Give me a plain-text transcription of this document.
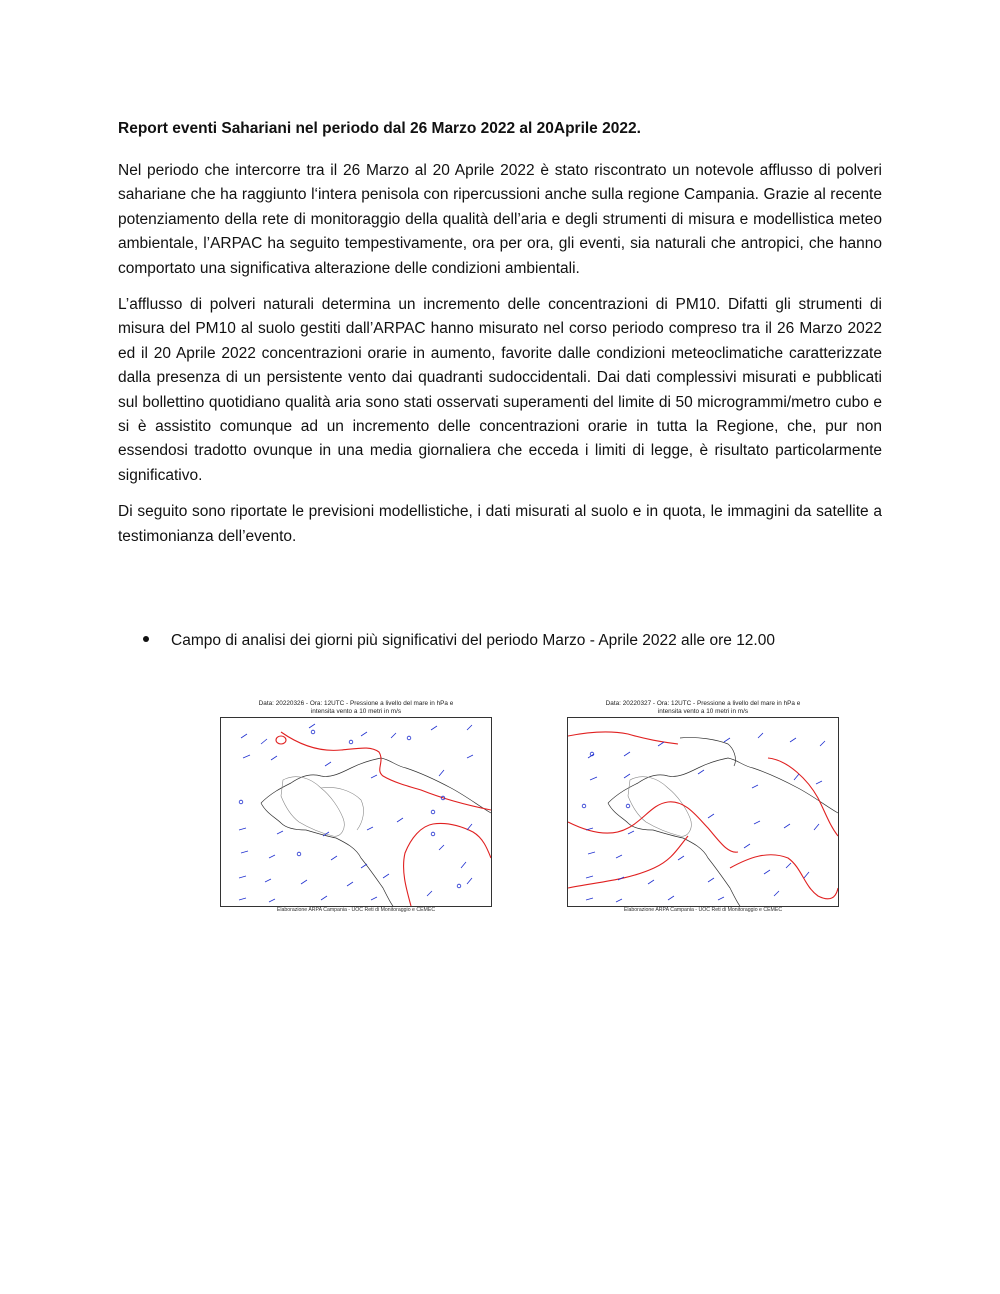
Report eventi Sahariani nel periodo dal 26 Marzo 2022 al 20Aprile 2022.

Nel periodo che intercorre tra il 26 Marzo al 20 Aprile 2022 è stato riscontrato un notevole afflusso di polveri sahariane che ha raggiunto l‘intera penisola con ripercussioni anche sulla regione Campania. Grazie al recente potenziamento della rete di monitoraggio della qualità dell’aria e degli strumenti di misura e modellistica meteo ambientale, l’ARPAC ha seguito tempestivamente, ora per ora, gli eventi, sia naturali che antropici, che hanno comportato una significativa alterazione delle condizioni ambientali.

L’afflusso di polveri naturali determina un incremento delle concentrazioni di PM10. Difatti gli strumenti di misura del PM10 al suolo gestiti dall’ARPAC hanno misurato nel corso periodo compreso tra il 26 Marzo 2022 ed il 20 Aprile 2022 concentrazioni orarie in aumento, favorite dalle condizioni meteoclimatiche caratterizzate dalla presenza di un persistente vento dai quadranti sudoccidentali. Dai dati complessivi misurati e pubblicati sul bollettino quotidiano qualità aria sono stati osservati superamenti del limite di 50 microgrammi/metro cubo e si è assistito comunque ad un incremento delle concentrazioni orarie in tutta la Regione, che, pur non essendosi tradotto ovunque in una media giornaliera che ecceda i limiti di legge, è risultato particolarmente significativo.

Di seguito sono riportate le previsioni modellistiche, i dati misurati al suolo e in quota, le immagini da satellite a testimonianza dell’evento.

Campo di analisi dei giorni più significativi del periodo Marzo - Aprile 2022 alle ore 12.00
Data: 20220326 - Ora: 12UTC - Pressione a livello del mare in hPa e
intensita vento a 10 metri in m/s
Elaborazione ARPA Campania - UOC Reti di Monitoraggio e CEMEC
Data: 20220327 - Ora: 12UTC - Pressione a livello del mare in hPa e
intensita vento a 10 metri in m/s
Elaborazione ARPA Campania - UOC Reti di Monitoraggio e CEMEC
